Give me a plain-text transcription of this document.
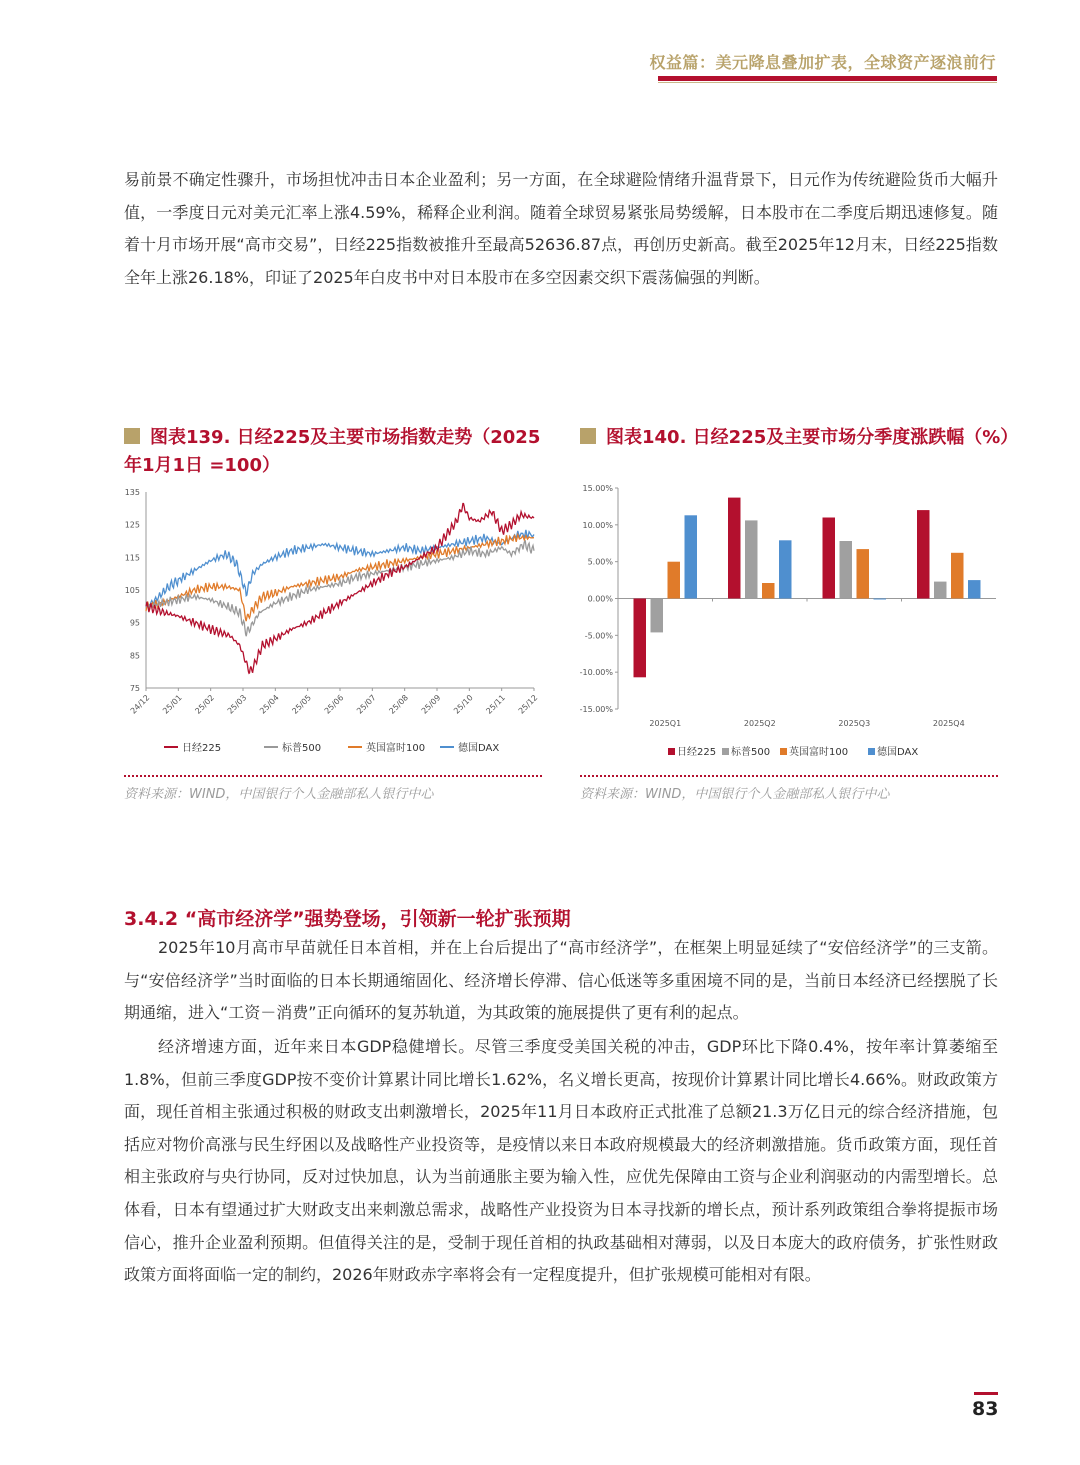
权益篇：美元降息叠加扩表，全球资产逐浪前行

易前景不确定性骤升，市场担忧冲击日本企业盈利；另一方面，在全球避险情绪升温背景下，日元作为传统避险货币大幅升值，一季度日元对美元汇率上涨4.59%，稀释企业利润。随着全球贸易紧张局势缓解，日本股市在二季度后期迅速修复。随着十月市场开展“高市交易”，日经225指数被推升至最高52636.87点，再创历史新高。截至2025年12月末，日经225指数全年上涨26.18%，印证了2025年白皮书中对日本股市在多空因素交织下震荡偏强的判断。

图表139. 日经225及主要市场指数走势（2025年1月1日 =100）
75
85
95
105
115
125
135
24/12 25/01 25/02 25/03 25/04 25/05 25/06 25/07 25/08 25/09 25/10 25/11 25/12
日经225	标普500	英国富时100	德国DAX
资料来源：WIND，中国银行个人金融部私人银行中心
图表140. 日经225及主要市场分季度涨跌幅（%）
15.00%
10.00%
5.00%
0.00%
-5.00%
-10.00%
-15.00%
2025Q1	2025Q2	2025Q3	2025Q4
日经225 标普500 英国富时100	德国DAX
资料来源：WIND，中国银行个人金融部私人银行中心
3.4.2 “高市经济学”强势登场，引领新一轮扩张预期

2025年10月高市早苗就任日本首相，并在上台后提出了“高市经济学”，在框架上明显延续了“安倍经济学”的三支箭。与“安倍经济学”当时面临的日本长期通缩固化、经济增长停滞、信心低迷等多重困境不同的是，当前日本经济已经摆脱了长期通缩，进入“工资－消费”正向循环的复苏轨道，为其政策的施展提供了更有利的起点。

经济增速方面，近年来日本GDP稳健增长。尽管三季度受美国关税的冲击，GDP环比下降0.4%，按年率计算萎缩至1.8%，但前三季度GDP按不变价计算累计同比增长1.62%，名义增长更高，按现价计算累计同比增长4.66%。财政政策方面，现任首相主张通过积极的财政支出刺激增长，2025年11月日本政府正式批准了总额21.3万亿日元的综合经济措施，包括应对物价高涨与民生纾困以及战略性产业投资等，是疫情以来日本政府规模最大的经济刺激措施。货币政策方面，现任首相主张政府与央行协同，反对过快加息，认为当前通胀主要为输入性，应优先保障由工资与企业利润驱动的内需型增长。总体看，日本有望通过扩大财政支出来刺激总需求，战略性产业投资为日本寻找新的增长点，预计系列政策组合拳将提振市场信心，推升企业盈利预期。但值得关注的是，受制于现任首相的执政基础相对薄弱，以及日本庞大的政府债务，扩张性财政政策方面将面临一定的制约，2026年财政赤字率将会有一定程度提升，但扩张规模可能相对有限。

83
